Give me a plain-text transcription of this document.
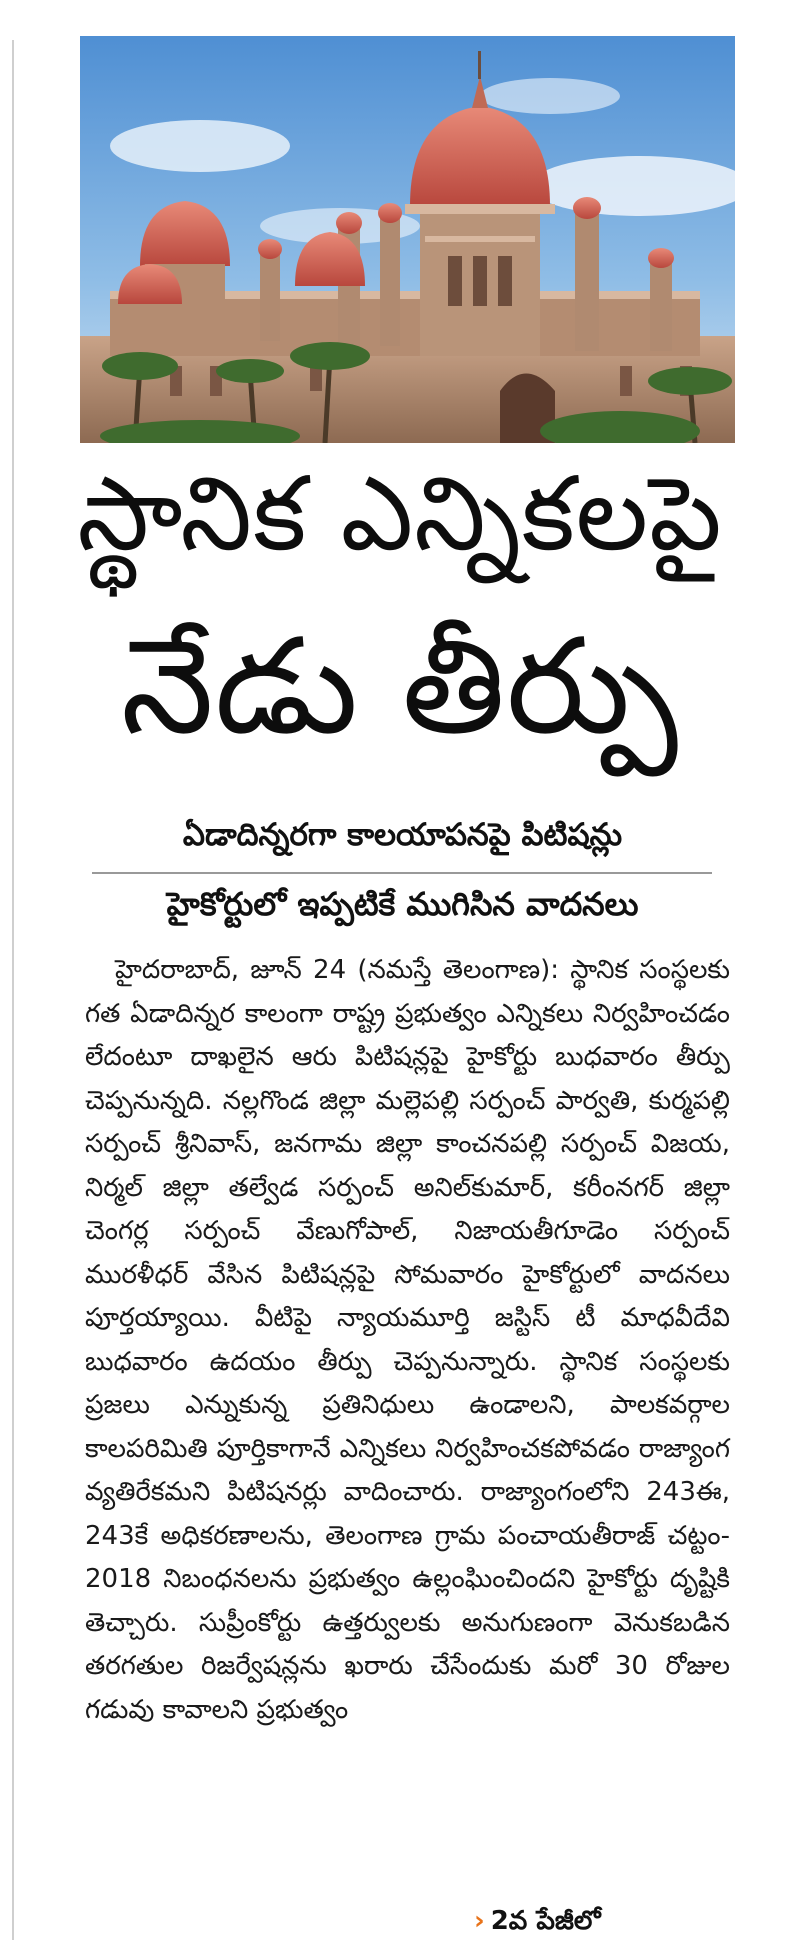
స్థానిక ఎన్నికలపై
నేడు తీర్పు
ఏడాదిన్నరగా కాలయాపనపై పిటిషన్లు
హైకోర్టులో ఇప్పటికే ముగిసిన వాదనలు

హైదరాబాద్, జూన్ 24 (నమస్తే తెలంగాణ): స్థానిక సంస్థలకు గత ఏడాదిన్నర కాలంగా రాష్ట్ర ప్రభుత్వం ఎన్నికలు నిర్వహించడం లేదంటూ దాఖలైన ఆరు పిటిషన్లపై హైకోర్టు బుధవారం తీర్పు చెప్పనున్నది. నల్లగొండ జిల్లా మల్లెపల్లి సర్పంచ్ పార్వతి, కుర్మపల్లి సర్పంచ్ శ్రీనివాస్, జనగామ జిల్లా కాంచనపల్లి సర్పంచ్ విజయ, నిర్మల్ జిల్లా తల్వేడ సర్పంచ్ అనిల్‌కుమార్, కరీంనగర్ జిల్లా చెంగర్ల సర్పంచ్ వేణుగోపాల్, నిజాయతీగూడెం సర్పంచ్ మురళీధర్ వేసిన పిటిషన్లపై సోమవారం హైకోర్టులో వాదనలు పూర్తయ్యాయి. వీటిపై న్యాయమూర్తి జస్టిస్ టీ మాధవీదేవి బుధవారం ఉదయం తీర్పు చెప్పనున్నారు. స్థానిక సంస్థలకు ప్రజలు ఎన్నుకున్న ప్రతినిధులు ఉండాలని, పాలకవర్గాల కాలపరిమితి పూర్తికాగానే ఎన్నికలు నిర్వహించకపోవడం రాజ్యాంగ వ్యతిరేకమని పిటిషనర్లు వాదించారు. రాజ్యాంగంలోని 243ఈ, 243కే అధికరణాలను, తెలంగాణ గ్రామ పంచాయతీరాజ్ చట్టం- 2018 నిబంధనలను ప్రభుత్వం ఉల్లంఘించిందని హైకోర్టు దృష్టికి తెచ్చారు. సుప్రీంకోర్టు ఉత్తర్వులకు అనుగుణంగా వెనుకబడిన తరగతుల రిజర్వేషన్లను ఖరారు చేసేందుకు మరో 30 రోజుల గడువు కావాలని ప్రభుత్వం

› 2వ పేజీలో
